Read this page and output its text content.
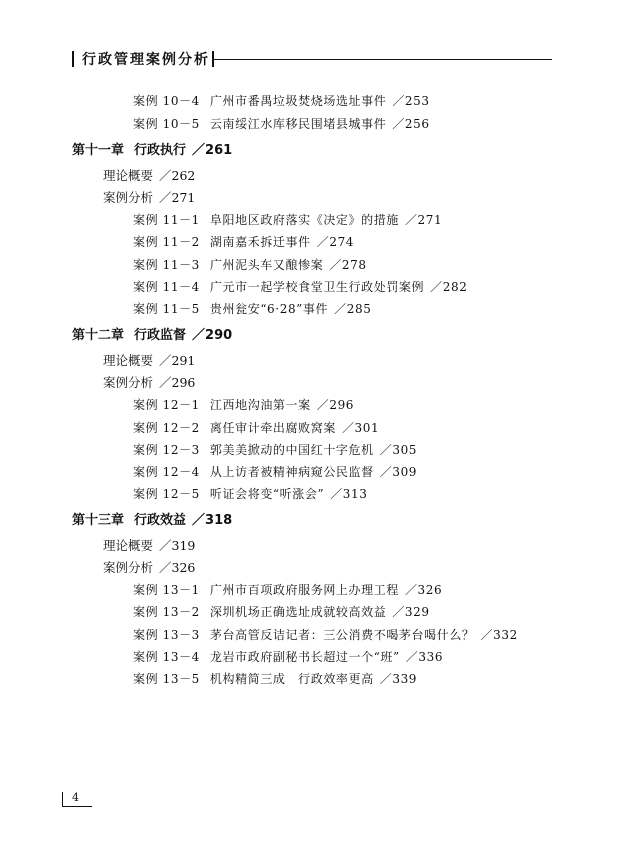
行政管理案例分析
案例 10－4 广州市番禺垃圾焚烧场选址事件 ／253
案例 10－5 云南绥江水库移民围堵县城事件 ／256
第十一章 行政执行 ／261
理论概要 ／262
案例分析 ／271
案例 11－1 阜阳地区政府落实《决定》的措施 ／271
案例 11－2 湖南嘉禾拆迁事件 ／274
案例 11－3 广州泥头车又酿惨案 ／278
案例 11－4 广元市一起学校食堂卫生行政处罚案例 ／282
案例 11－5 贵州瓮安“6·28”事件 ／285
第十二章 行政监督 ／290
理论概要 ／291
案例分析 ／296
案例 12－1 江西地沟油第一案 ／296
案例 12－2 离任审计牵出腐败窝案 ／301
案例 12－3 郭美美掀动的中国红十字危机 ／305
案例 12－4 从上访者被精神病窥公民监督 ／309
案例 12－5 听证会将变“听涨会” ／313
第十三章 行政效益 ／318
理论概要 ／319
案例分析 ／326
案例 13－1 广州市百项政府服务网上办理工程 ／326
案例 13－2 深圳机场正确选址成就较高效益 ／329
案例 13－3 茅台高管反诘记者：三公消费不喝茅台喝什么？ ／332
案例 13－4 龙岩市政府副秘书长超过一个“班” ／336
案例 13－5 机构精简三成　行政效率更高 ／339
4
